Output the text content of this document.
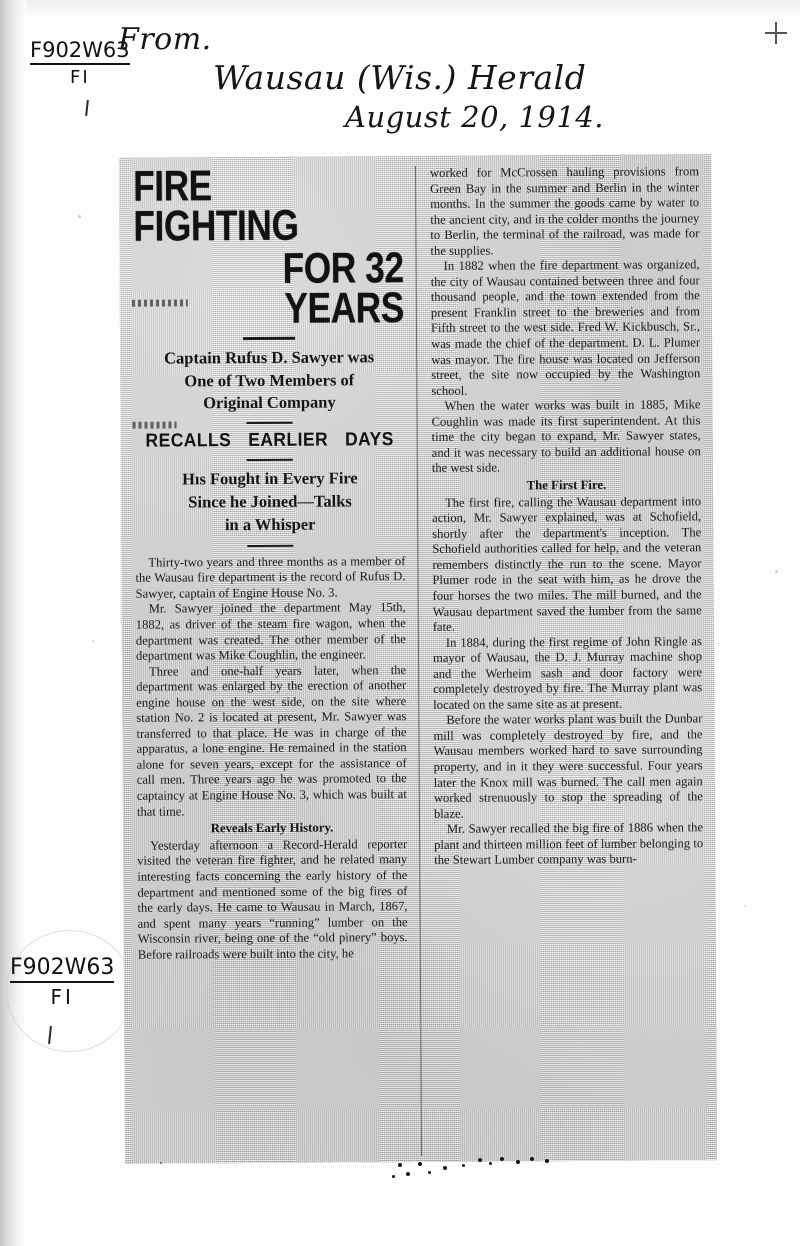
F902W63
FI
From.
Wausau (Wis.) Herald
August 20, 1914.
F902W63
FI
FIRE FIGHTING
FOR 32 YEARS
Captain Rufus D. Sawyer was
One of Two Members of
Original Company
RECALLS EARLIER DAYS
Hıs Fought in Every Fire
Since he Joined—Talks
in a Whisper

Thirty-two years and three months as a member of the Wausau fire department is the record of Rufus D. Sawyer, captain of Engine House No. 3.

Mr. Sawyer joined the department May 15th, 1882, as driver of the steam fire wagon, when the department was created. The other member of the department was Mike Coughlin, the engineer.

Three and one-half years later, when the department was enlarged by the erection of another engine house on the west side, on the site where station No. 2 is located at present, Mr. Sawyer was transferred to that place. He was in charge of the apparatus, a lone engine. He remained in the station alone for seven years, except for the assistance of call men. Three years ago he was promoted to the captaincy at Engine House No. 3, which was built at that time.

Reveals Early History.

Yesterday afternoon a Record-Herald reporter visited the veteran fire fighter, and he related many interesting facts concerning the early history of the department and mentioned some of the big fires of the early days. He came to Wausau in March, 1867, and spent many years “running” lumber on the Wisconsin river, being one of the “old pinery” boys. Before railroads were built into the city, he

worked for McCrossen hauling provisions from Green Bay in the summer and Berlin in the winter months. In the summer the goods came by water to the ancient city, and in the colder months the journey to Berlin, the terminal of the railroad, was made for the supplies.

In 1882 when the fire department was organized, the city of Wausau contained between three and four thousand people, and the town extended from the present Franklin street to the breweries and from Fifth street to the west side. Fred W. Kickbusch, Sr., was made the chief of the department. D. L. Plumer was mayor. The fire house was located on Jefferson street, the site now occupied by the Washington school.

When the water works was built in 1885, Mike Coughlin was made its first superintendent. At this time the city began to expand, Mr. Sawyer states, and it was necessary to build an additional house on the west side.

The First Fire.

The first fire, calling the Wausau department into action, Mr. Sawyer explained, was at Schofield, shortly after the department's inception. The Schofield authorities called for help, and the veteran remembers distinctly the run to the scene. Mayor Plumer rode in the seat with him, as he drove the four horses the two miles. The mill burned, and the Wausau department saved the lumber from the same fate.

In 1884, during the first regime of John Ringle as mayor of Wausau, the D. J. Murray machine shop and the Werheim sash and door factory were completely destroyed by fire. The Murray plant was located on the same site as at present.

Before the water works plant was built the Dunbar mill was completely destroyed by fire, and the Wausau members worked hard to save surrounding property, and in it they were successful. Four years later the Knox mill was burned. The call men again worked strenuously to stop the spreading of the blaze.

Mr. Sawyer recalled the big fire of 1886 when the plant and thirteen million feet of lumber belonging to the Stewart Lumber company was burn-
